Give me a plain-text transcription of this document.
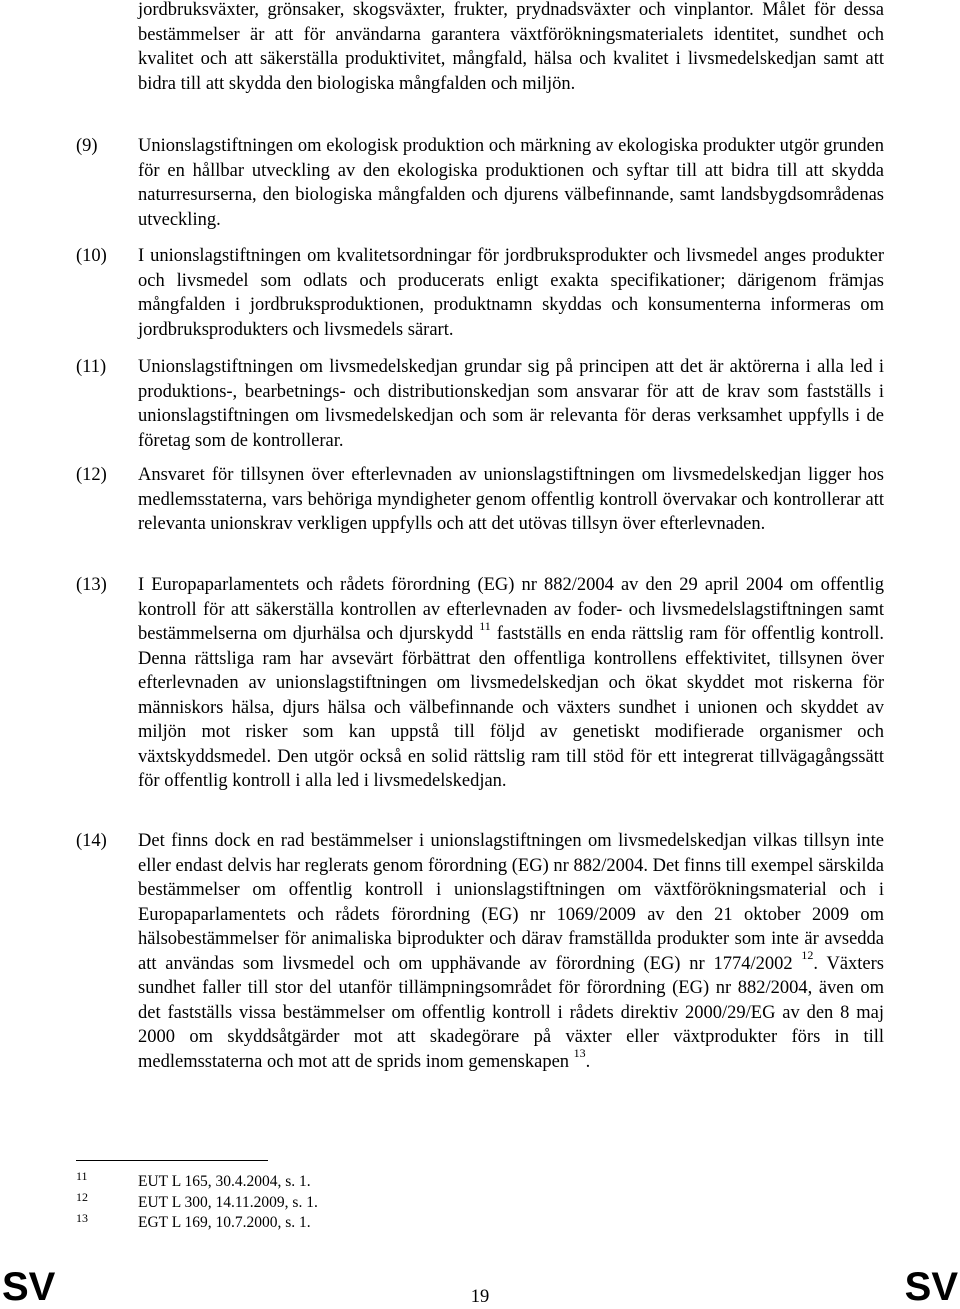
jordbruksväxter, grönsaker, skogsväxter, frukter, prydnadsväxter och vinplantor. Målet för dessa bestämmelser är att för användarna garantera växtförökningsmaterialets identitet, sundhet och kvalitet och att säkerställa produktivitet, mångfald, hälsa och kvalitet i livsmedelskedjan samt att bidra till att skydda den biologiska mångfalden och miljön.
(9) Unionslagstiftningen om ekologisk produktion och märkning av ekologiska produkter utgör grunden för en hållbar utveckling av den ekologiska produktionen och syftar till att bidra till att skydda naturresurserna, den biologiska mångfalden och djurens välbefinnande, samt landsbygdsområdenas utveckling.
(10) I unionslagstiftningen om kvalitetsordningar för jordbruksprodukter och livsmedel anges produkter och livsmedel som odlats och producerats enligt exakta specifikationer; därigenom främjas mångfalden i jordbruksproduktionen, produktnamn skyddas och konsumenterna informeras om jordbruksprodukters och livsmedels särart.
(11) Unionslagstiftningen om livsmedelskedjan grundar sig på principen att det är aktörerna i alla led i produktions-, bearbetnings- och distributionskedjan som ansvarar för att de krav som fastställs i unionslagstiftningen om livsmedelskedjan och som är relevanta för deras verksamhet uppfylls i de företag som de kontrollerar.
(12) Ansvaret för tillsynen över efterlevnaden av unionslagstiftningen om livsmedelskedjan ligger hos medlemsstaterna, vars behöriga myndigheter genom offentlig kontroll övervakar och kontrollerar att relevanta unionskrav verkligen uppfylls och att det utövas tillsyn över efterlevnaden.
(13) I Europaparlamentets och rådets förordning (EG) nr 882/2004 av den 29 april 2004 om offentlig kontroll för att säkerställa kontrollen av efterlevnaden av foder- och livsmedelslagstiftningen samt bestämmelserna om djurhälsa och djurskydd $^{11}$ fastställs en enda rättslig ram för offentlig kontroll. Denna rättsliga ram har avsevärt förbättrat den offentliga kontrollens effektivitet, tillsynen över efterlevnaden av unionslagstiftningen om livsmedelskedjan och ökat skyddet mot riskerna för människors hälsa, djurs hälsa och välbefinnande och växters sundhet i unionen och skyddet av miljön mot risker som kan uppstå till följd av genetiskt modifierade organismer och växtskyddsmedel. Den utgör också en solid rättslig ram till stöd för ett integrerat tillvägagångssätt för offentlig kontroll i alla led i livsmedelskedjan.
(14) Det finns dock en rad bestämmelser i unionslagstiftningen om livsmedelskedjan vilkas tillsyn inte eller endast delvis har reglerats genom förordning (EG) nr 882/2004. Det finns till exempel särskilda bestämmelser om offentlig kontroll i unionslagstiftningen om växtförökningsmaterial och i Europaparlamentets och rådets förordning (EG) nr 1069/2009 av den 21 oktober 2009 om hälsobestämmelser för animaliska biprodukter och därav framställda produkter som inte är avsedda att användas som livsmedel och om upphävande av förordning (EG) nr 1774/2002 $^{12}$. Växters sundhet faller till stor del utanför tillämpningsområdet för förordning (EG) nr 882/2004, även om det fastställs vissa bestämmelser om offentlig kontroll i rådets direktiv 2000/29/EG av den 8 maj 2000 om skyddsåtgärder mot att skadegörare på växter eller växtprodukter förs in till medlemsstaterna och mot att de sprids inom gemenskapen $^{13}$.
11	EUT L 165, 30.4.2004, s. 1.
12	EUT L 300, 14.11.2009, s. 1.
13	EGT L 169, 10.7.2000, s. 1.
SV	19	SV
